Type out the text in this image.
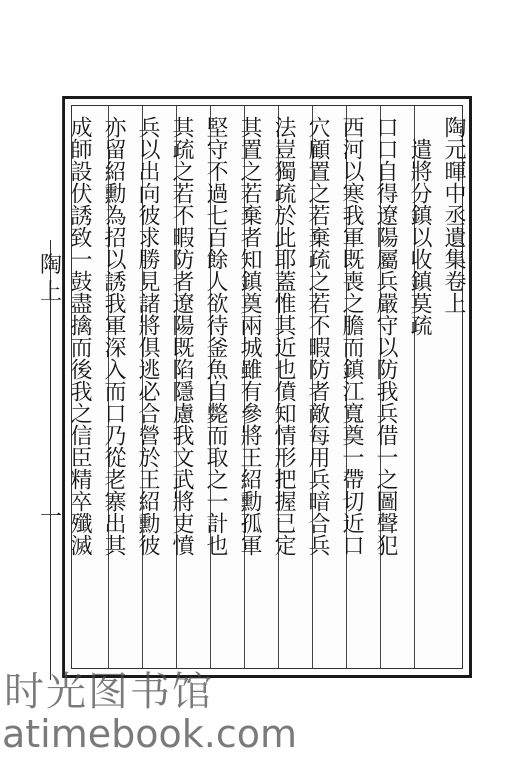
陶元暉中丞遺集卷上
　遣將分鎮以收鎮莫疏
口口自得遼陽屬兵嚴守以防我兵借一之圖聲犯
西河以寒我軍既喪之膽而鎮江寬奠一帶切近口
穴顧置之若棄疏之若不暇防者敵每用兵暗合兵
法豈獨疏於此耶蓋惟其近也僨知情形把握已定
其置之若棄者知鎮奠兩城雖有參將王紹勳孤軍
堅守不過七百餘人欲待釜魚自斃而取之一計也
其疏之若不暇防者遼陽既陷隱慮我文武將吏憤
兵以出向彼求勝見諸將俱逃必合營於王紹勳彼
亦留紹勳為招以誘我軍深入而口乃從老寨出其
成師設伏誘致一鼓盡擒而後我之信臣精卒殲滅
陶
上
一
时光图书馆
atimebook.com
